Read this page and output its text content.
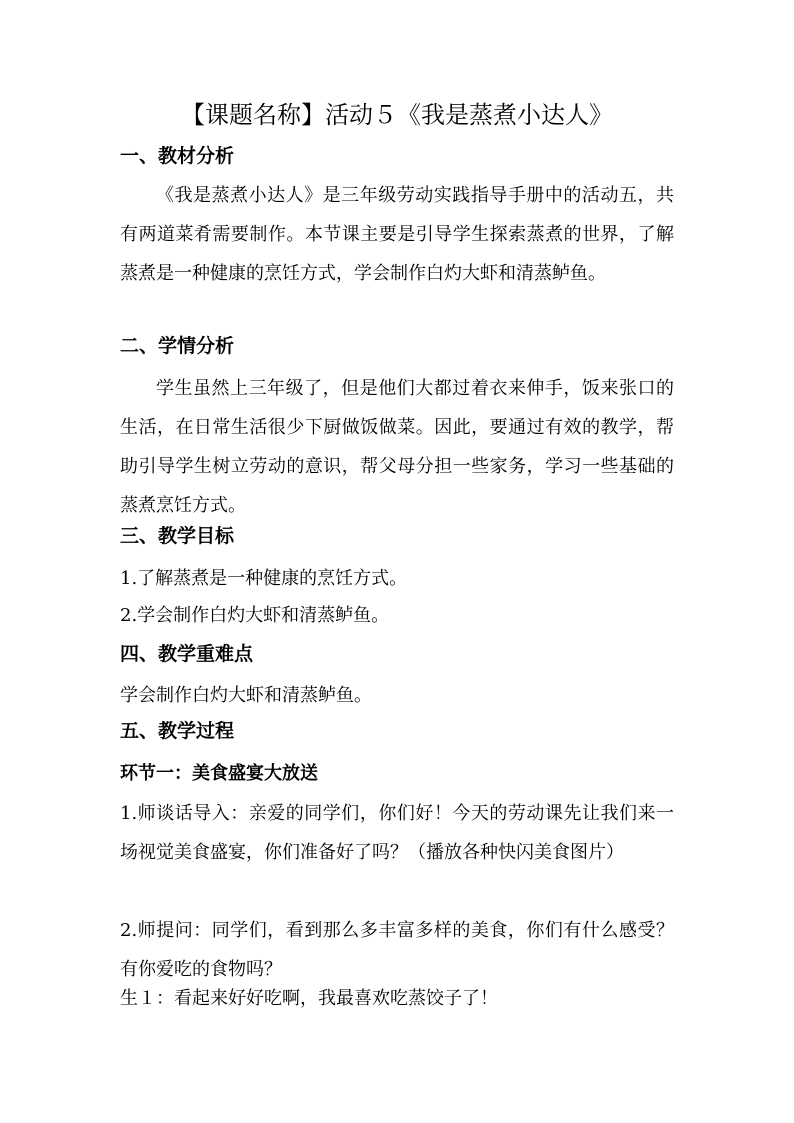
【课题名称】活动５《我是蒸煮小达人》
一、教材分析
《我是蒸煮小达人》是三年级劳动实践指导手册中的活动五，共有两道菜肴需要制作。本节课主要是引导学生探索蒸煮的世界，了解蒸煮是一种健康的烹饪方式，学会制作白灼大虾和清蒸鲈鱼。
二、学情分析
学生虽然上三年级了，但是他们大都过着衣来伸手，饭来张口的生活，在日常生活很少下厨做饭做菜。因此，要通过有效的教学，帮助引导学生树立劳动的意识，帮父母分担一些家务，学习一些基础的蒸煮烹饪方式。
三、教学目标
1.了解蒸煮是一种健康的烹饪方式。
2.学会制作白灼大虾和清蒸鲈鱼。
四、教学重难点
学会制作白灼大虾和清蒸鲈鱼。
五、教学过程
环节一：美食盛宴大放送
1.师谈话导入：亲爱的同学们，你们好！今天的劳动课先让我们来一场视觉美食盛宴，你们准备好了吗？（播放各种快闪美食图片）
2.师提问：同学们，看到那么多丰富多样的美食，你们有什么感受？有你爱吃的食物吗？
生１：看起来好好吃啊，我最喜欢吃蒸饺子了！
